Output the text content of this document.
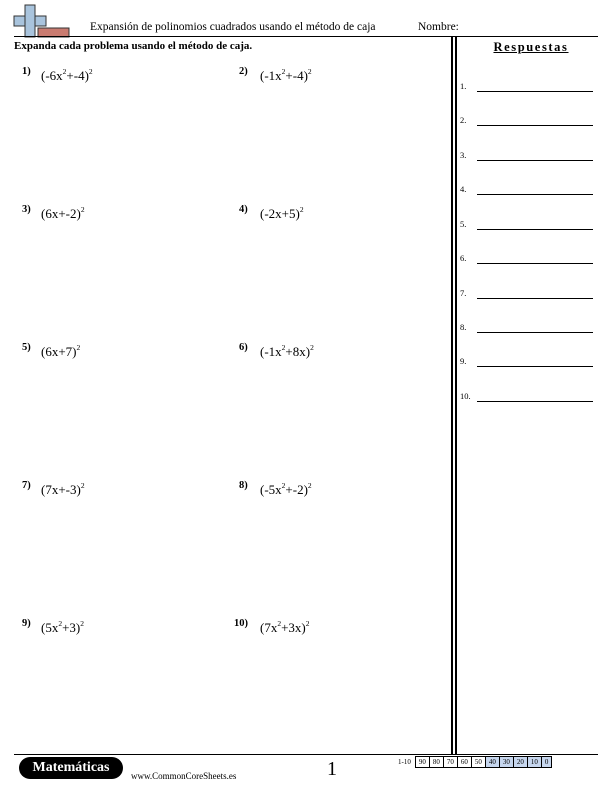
Expansión de polinomios cuadrados usando el método de caja	Nombre:
Expanda cada problema usando el método de caja.
1) $(-6x^2+-4)^2$	2) $(-1x^2+-4)^2$
3) $(6x+-2)^2$	4) $(-2x+5)^2$
5) $(6x+7)^2$	6) $(-1x^2+8x)^2$
7) $(7x+-3)^2$	8) $(-5x^2+-2)^2$
9) $(5x^2+3)^2$	10) $(7x^2+3x)^2$
Respuestas
1.
2.
3.
4.
5.
6.
7.
8.
9.
10.
Matemáticas
www.CommonCoreSheets.es	1	1-10	90	80	70	60	50	40	30	20	10	0
